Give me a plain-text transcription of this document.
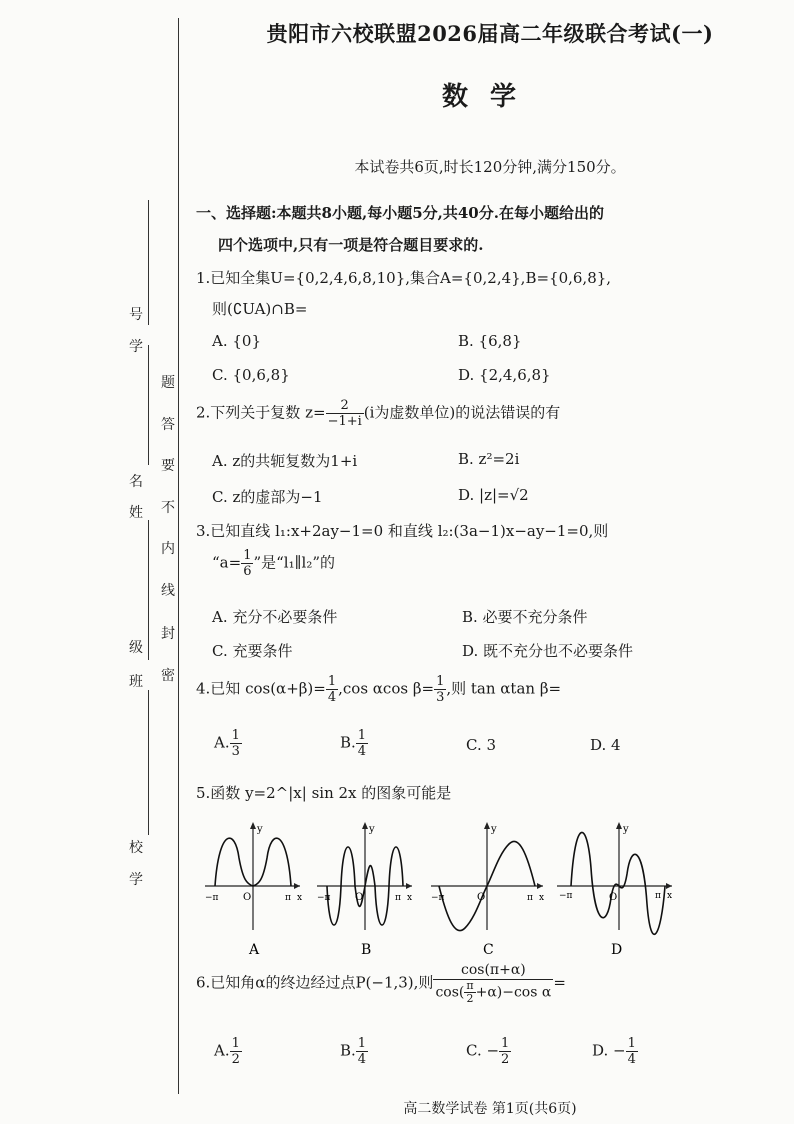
学
号
姓
名
班
级
学
校
密
封
线
内
不
要
答
题
贵阳市六校联盟2026届高二年级联合考试(一)
数学
本试卷共6页,时长120分钟,满分150分。
一、选择题:本题共8小题,每小题5分,共40分.在每小题给出的
四个选项中,只有一项是符合题目要求的.
1.已知全集U={0,2,4,6,8,10},集合A={0,2,4},B={0,6,8},
则(∁UA)∩B=
A. {0}	B. {6,8}
C. {0,6,8}	D. {2,4,6,8}
2.下列关于复数 $z= \frac{2}{-1+i} (i$为虚数单位)的说法错误的有
A. z的共轭复数为1+i	B. z²=2i
C. z的虚部为−1	D. |z|=√2
3.已知直线 l₁:x+2ay−1=0 和直线 l₂:(3a−1)x−ay−1=0,则
“$a= \frac{1}{6}$ ”是“l₁∥l₂”的
A. 充分不必要条件	B. 必要不充分条件
C. 充要条件	D. 既不充分也不必要条件
4.已知 $\cos(\alpha+\beta)= \frac{1}{4} ,\cos$ αcos $\beta= \frac{1}{3}$ ,则 tan αtan β=
A. $\frac{1}{3}$	B. $\frac{1}{4}$	C. 3	D. 4
5.函数 y=2^|x| sin 2x 的图象可能是
y
O
−π	π x
A
y
O
−π	π x
B
y
O
−π	π x
C
y
O
−π	π x
D
6.已知角α的终边经过点P(−1,3),则 $\frac{\cos(\pi+\alpha)}{\cos( \frac{\pi}{2} +\alpha)-\cos \alpha}$ =
A. $\frac{1}{2}$	B. $\frac{1}{4}$	C. − $\frac{1}{2}$	D. − $\frac{1}{4}$
高二数学试卷 第1页(共6页)
